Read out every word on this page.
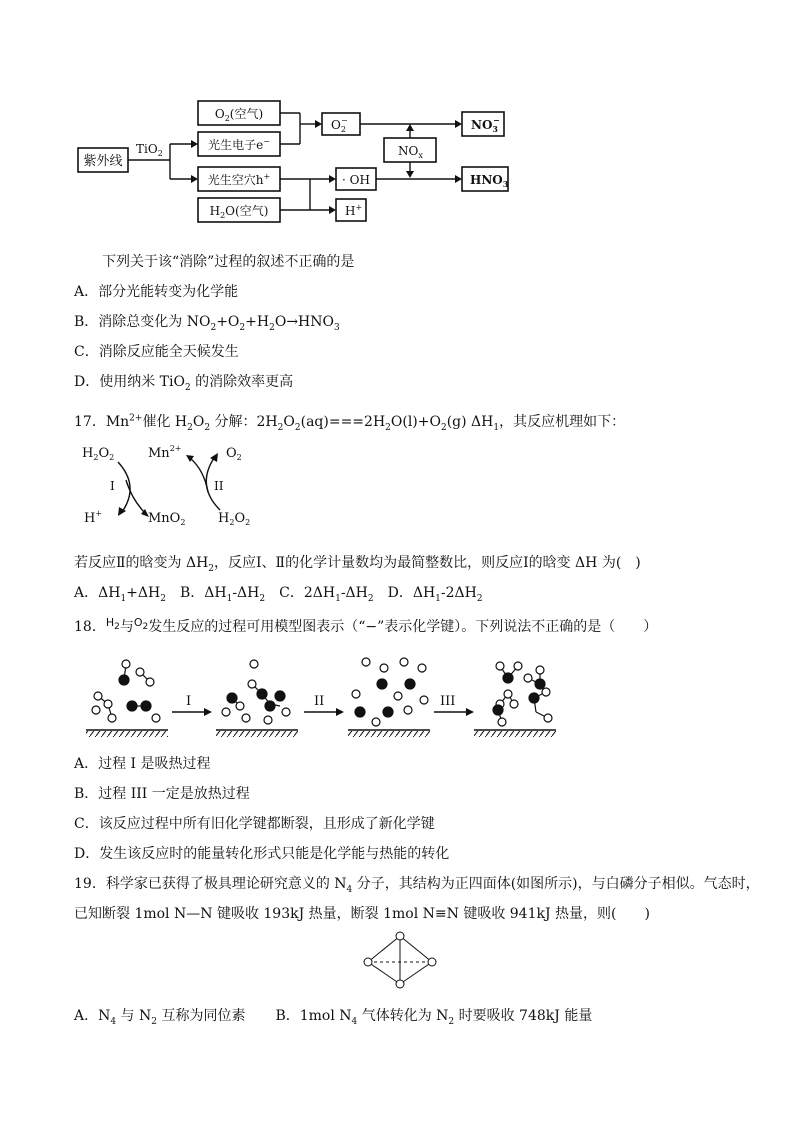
紫外线
TiO$_2$
$O_2$(空气)
光生电子e−
光生空穴h+
$H_2O$(空气)
$O_2-$
· OH
H+
$NO_x$
$NO_3-$
$HNO_3$
下列关于该“消除”过程的叙述不正确的是
A．部分光能转变为化学能
B．消除总变化为 $NO_2+O_2+H_2O\to HNO_3$
C．消除反应能全天候发生
D．使用纳米 TiO$_2$ 的消除效率更高
17．$Mn^{2+}$催化 $H_2O_2$ 分解：$2H_2O_2(aq)===2H_2O(l)+O_2(g)$ $\Delta H_1$，其反应机理如下：
$H_2O_2$	$Mn^{2+}$	$O_2$
H+	MnO$_2$	$H_2O_2$
I	II
若反应Ⅱ的晗变为 $\Delta H_2$，反应Ⅰ、Ⅱ的化学计量数均为最简整数比，则反应Ⅰ的晗变 ΔH 为(　)
A．$\Delta H_1+\Delta H_2$　B．$\Delta H_1-\Delta H_2$　C．$2\Delta H_1-\Delta H_2$　D．$\Delta H_1-2\Delta H_2$
18．$^{H_2}$与$^{O_2}$发生反应的过程可用模型图表示（“−”表示化学键）。下列说法不正确的是（　　）
I	II	III
A．过程 I 是吸热过程
B．过程 III 一定是放热过程
C．该反应过程中所有旧化学键都断裂，且形成了新化学键
D．发生该反应时的能量转化形式只能是化学能与热能的转化
19．科学家已获得了极具理论研究意义的 $N_4$ 分子，其结构为正四面体(如图所示)，与白磷分子相似。气态时，
已知断裂 1mol N—N 键吸收 193kJ 热量，断裂 1mol N≡N 键吸收 941kJ 热量，则(　　)
A．$N_4$ 与 $N_2$ 互称为同位素 B．1mol $N_4$ 气体转化为 $N_2$ 时要吸收 748kJ 能量
